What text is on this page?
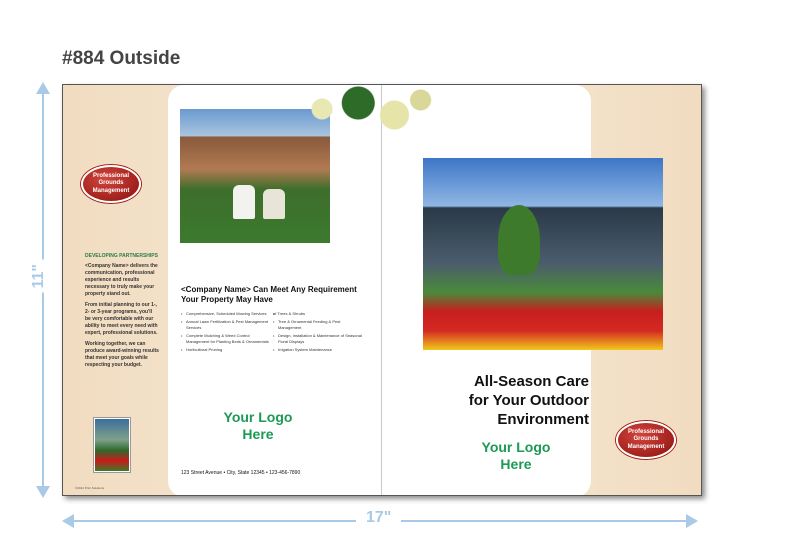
#884 Outside
11"
17"
Professional Grounds Management
DEVELOPING PARTNERSHIPS

<Company Name> delivers the communication, professional experience and results necessary to truly make your property stand out.

From initial planning to our 1-, 2- or 3-year programs, you'll be very comfortable with our ability to meet every need with expert, professional solutions.

Working together, we can produce award-winning results that meet your goals while respecting your budget.

©2012 Print Solutions
<Company Name> Can Meet Any Requirement Your Property May Have
• Comprehensive, Scheduled Mowing Services
• Annual Lawn Fertilization & Pest Management Services
• Complete Mulching & Weed Control Management for Planting Beds & Ornamentals
• Horticultural Pruning
• of Trees & Shrubs
• Tree & Ornamental Feeding & Pest Management
• Design, Installation & Maintenance of Seasonal Floral Displays
• Irrigation System Maintenance
Your Logo
Here
123 Street Avenue • City, State 12345 • 123-456-7890
All-Season Care
for Your Outdoor
Environment
Your Logo
Here
Professional Grounds Management
